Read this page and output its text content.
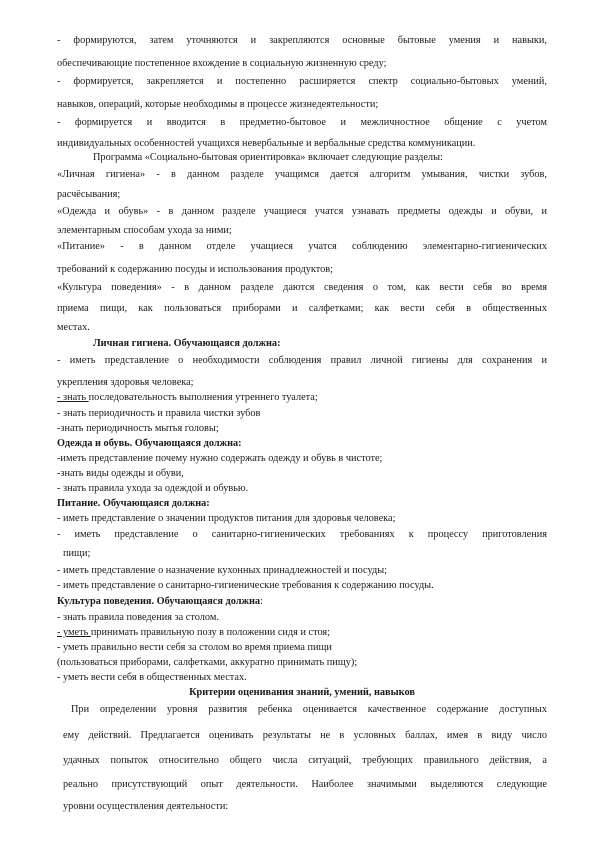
- формируются, затем уточняются и закрепляются основные бытовые умения и навыки,
обеспечивающие постепенное вхождение в социальную жизненную среду;
- формируется, закрепляется и постепенно расширяется спектр социально-бытовых умений,
навыков, операций, которые необходимы в процессе жизнедеятельности;
- формируется и вводится в предметно-бытовое и межличностное общение с учетом
индивидуальных особенностей учащихся невербальные и вербальные средства коммуникации.
Программа «Социально-бытовая ориентировка» включает следующие разделы:
«Личная гигиена» - в данном разделе учащимся дается алгоритм умывания, чистки зубов,
расчёсывания;
«Одежда и обувь» - в данном разделе учащиеся учатся узнавать предметы одежды и обуви, и
элементарным способам ухода за ними;
«Питание» - в данном отделе учащиеся учатся соблюдению элементарно-гигиенических
требований к содержанию посуды и использования продуктов;
«Культура поведения» - в данном разделе даются сведения о том, как вести себя во время
приема пищи, как пользоваться приборами и салфетками; как вести себя в общественных
местах.
Личная гигиена. Обучающаяся должна:
- иметь представление о необходимости соблюдения правил личной гигиены для сохранения и
укрепления здоровья человека;
- знать последовательность выполнения утреннего туалета;
- знать периодичность и правила чистки зубов
-знать периодичность мытья головы;
Одежда и обувь. Обучающаяся должна:
-иметь представление почему нужно содержать одежду и обувь в чистоте;
-знать виды одежды и обуви,
- знать правила ухода за одеждой и обувью.
Питание. Обучающаяся должна:
- иметь представление о значении продуктов питания для здоровья человека;
- иметь представление о санитарно-гигиенических требованиях к процессу приготовления
пищи;
- иметь представление о назначение кухонных принадлежностей и посуды;
- иметь представление о санитарно-гигиенические требования к содержанию посуды.
Культура поведения. Обучающаяся должна:
- знать правила поведения за столом.
- уметь принимать правильную позу в положении сидя и стоя;
- уметь правильно вести себя за столом во время приема пищи
(пользоваться приборами, салфетками, аккуратно принимать пищу);
- уметь вести себя в общественных местах.
Критерии оценивания знаний, умений, навыков
При определении уровня развития ребенка оценивается качественное содержание доступных
ему действий. Предлагается оценивать результаты не в условных баллах, имея в виду число
удачных попыток относительно общего числа ситуаций, требующих правильного действия, а
реально присутствующий опыт деятельности. Наиболее значимыми выделяются следующие
уровни осуществления деятельности:
